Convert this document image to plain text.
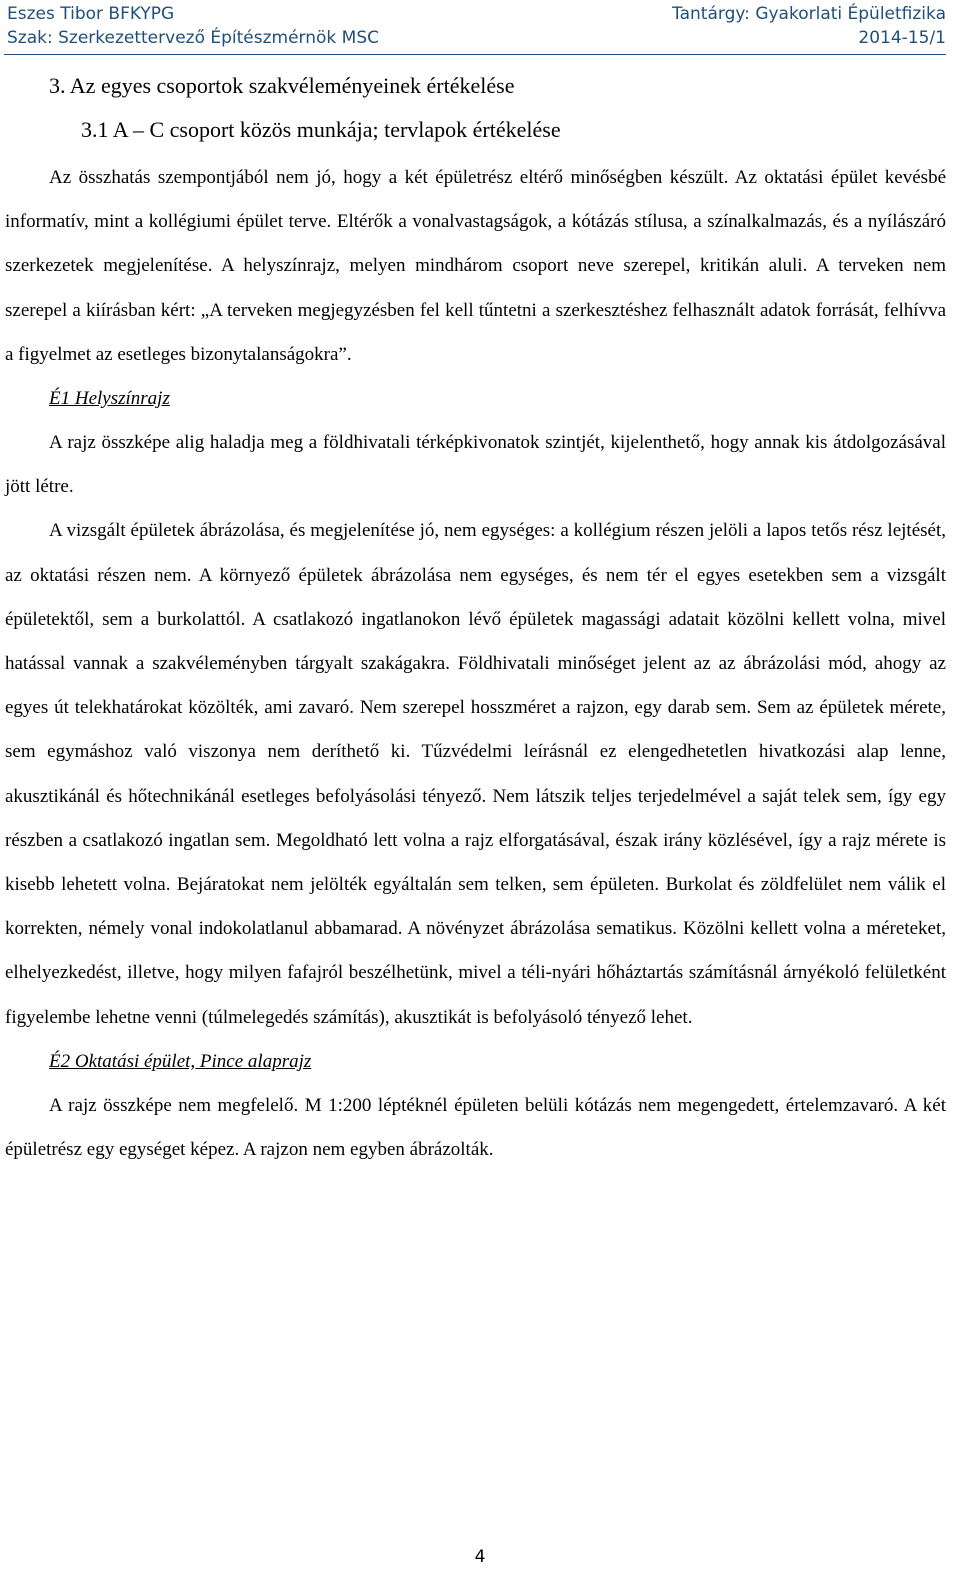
Eszes Tibor BFKYPG	Tantárgy: Gyakorlati Épületfizika
Szak: Szerkezettervező Építészmérnök MSC	2014-15/1
3. Az egyes csoportok szakvéleményeinek értékelése
3.1 A – C csoport közös munkája; tervlapok értékelése

Az összhatás szempontjából nem jó, hogy a két épületrész eltérő minőségben készült. Az oktatási épület kevésbé informatív, mint a kollégiumi épület terve. Eltérők a vonalvastagságok, a kótázás stílusa, a színalkalmazás, és a nyílászáró szerkezetek megjelenítése. A helyszínrajz, melyen mindhárom csoport neve szerepel, kritikán aluli. A terveken nem szerepel a kiírásban kért: „A terveken megjegyzésben fel kell tűntetni a szerkesztéshez felhasznált adatok forrását, felhívva a figyelmet az esetleges bizonytalanságokra”.

É1 Helyszínrajz

A rajz összképe alig haladja meg a földhivatali térképkivonatok szintjét, kijelenthető, hogy annak kis átdolgozásával jött létre.

A vizsgált épületek ábrázolása, és megjelenítése jó, nem egységes: a kollégium részen jelöli a lapos tetős rész lejtését, az oktatási részen nem. A környező épületek ábrázolása nem egységes, és nem tér el egyes esetekben sem a vizsgált épületektől, sem a burkolattól. A csatlakozó ingatlanokon lévő épületek magassági adatait közölni kellett volna, mivel hatással vannak a szakvéleményben tárgyalt szakágakra. Földhivatali minőséget jelent az az ábrázolási mód, ahogy az egyes út telekhatárokat közölték, ami zavaró. Nem szerepel hosszméret a rajzon, egy darab sem. Sem az épületek mérete, sem egymáshoz való viszonya nem deríthető ki. Tűzvédelmi leírásnál ez elengedhetetlen hivatkozási alap lenne, akusztikánál és hőtechnikánál esetleges befolyásolási tényező. Nem látszik teljes terjedelmével a saját telek sem, így egy részben a csatlakozó ingatlan sem. Megoldható lett volna a rajz elforgatásával, észak irány közlésével, így a rajz mérete is kisebb lehetett volna. Bejáratokat nem jelölték egyáltalán sem telken, sem épületen. Burkolat és zöldfelület nem válik el korrekten, némely vonal indokolatlanul abbamarad. A növényzet ábrázolása sematikus. Közölni kellett volna a méreteket, elhelyezkedést, illetve, hogy milyen fafajról beszélhetünk, mivel a téli-nyári hőháztartás számításnál árnyékoló felületként figyelembe lehetne venni (túlmelegedés számítás), akusztikát is befolyásoló tényező lehet.

É2 Oktatási épület, Pince alaprajz

A rajz összképe nem megfelelő. M 1:200 léptéknél épületen belüli kótázás nem megengedett, értelemzavaró. A két épületrész egy egységet képez. A rajzon nem egyben ábrázolták.

4
